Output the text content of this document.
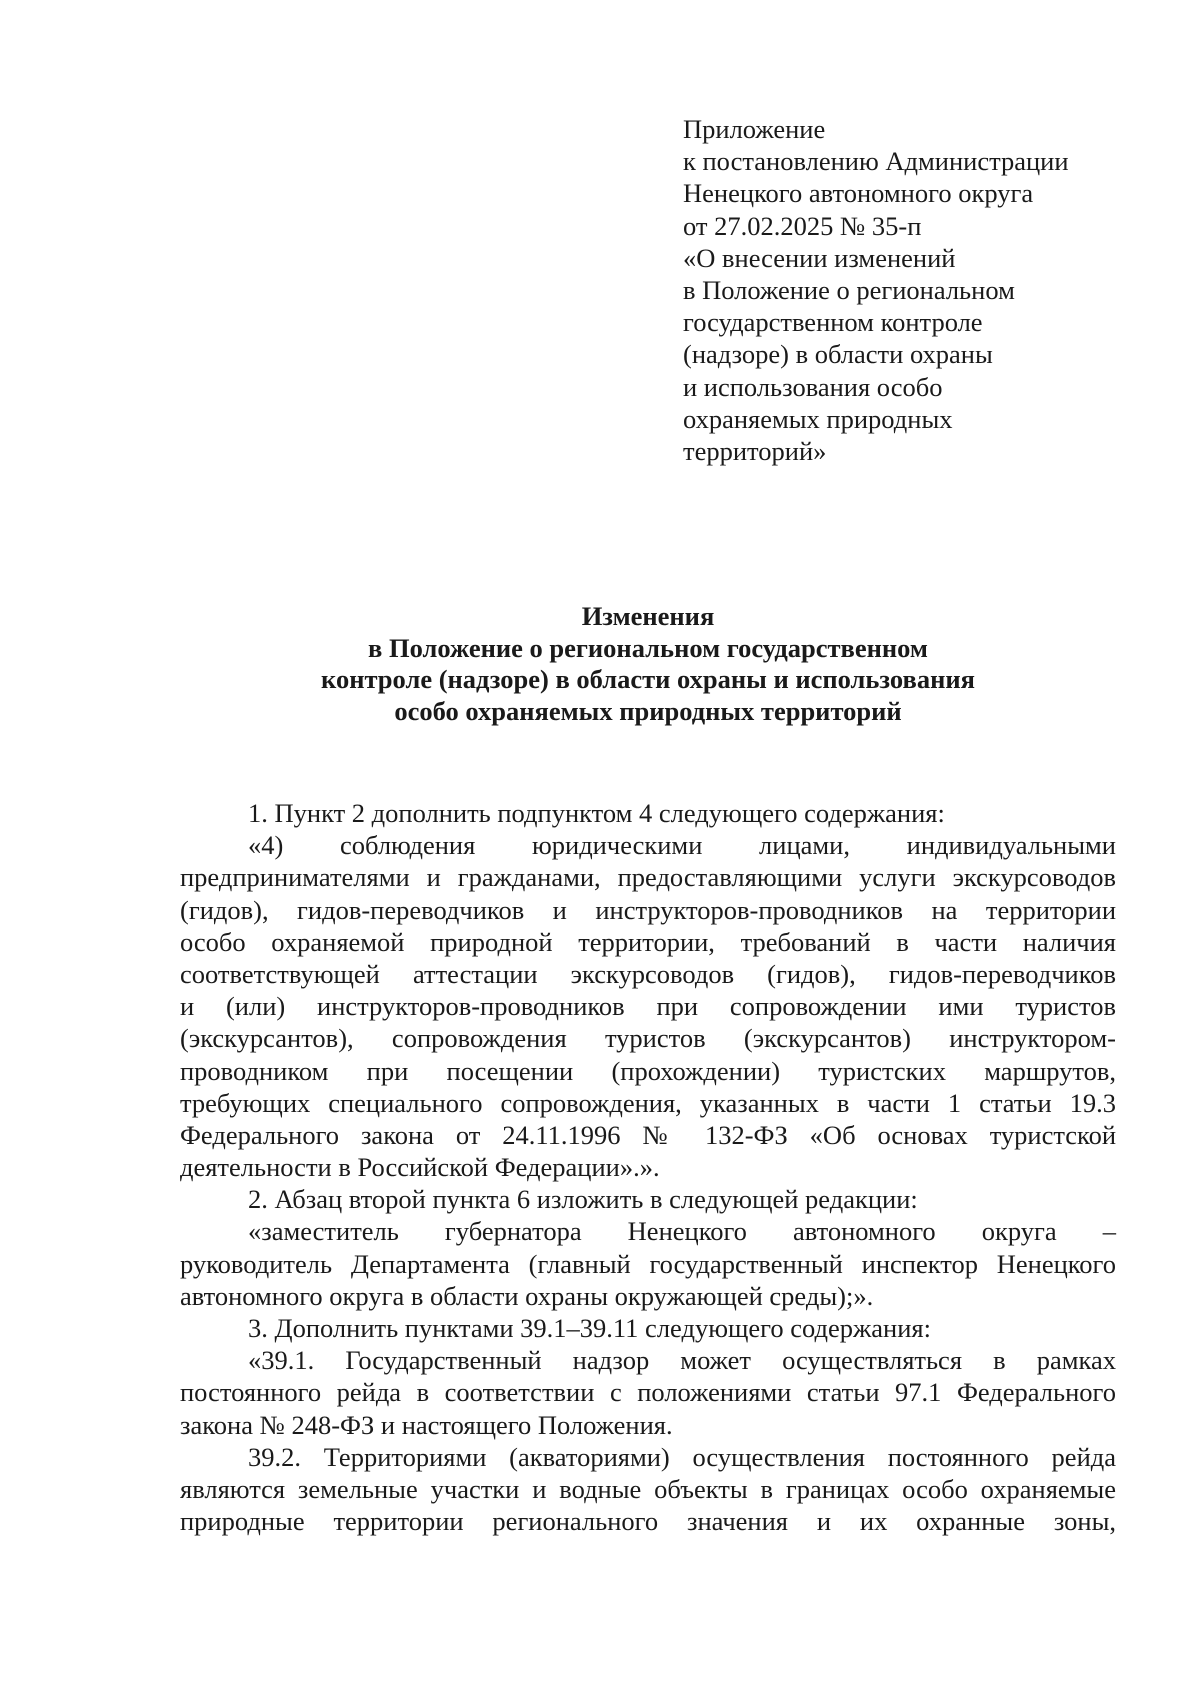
Приложение
к постановлению Администрации
Ненецкого автономного округа
от 27.02.2025 № 35-п
«О внесении изменений
в Положение о региональном
государственном контроле
(надзоре) в области охраны
и использования особо
охраняемых природных
территорий»
Изменения
в Положение о региональном государственном
контроле (надзоре) в области охраны и использования
особо охраняемых природных территорий
1. Пункт 2 дополнить подпунктом 4 следующего содержания:
«4) соблюдения юридическими лицами, индивидуальными
предпринимателями и гражданами, предоставляющими услуги экскурсоводов
(гидов), гидов-переводчиков и инструкторов-проводников на территории
особо охраняемой природной территории, требований в части наличия
соответствующей аттестации экскурсоводов (гидов), гидов-переводчиков
и (или) инструкторов-проводников при сопровождении ими туристов
(экскурсантов), сопровождения туристов (экскурсантов) инструктором-
проводником при посещении (прохождении) туристских маршрутов,
требующих специального сопровождения, указанных в части 1 статьи 19.3
Федерального закона от 24.11.1996 № 132-ФЗ «Об основах туристской
деятельности в Российской Федерации».».
2. Абзац второй пункта 6 изложить в следующей редакции:
«заместитель губернатора Ненецкого автономного округа –
руководитель Департамента (главный государственный инспектор Ненецкого
автономного округа в области охраны окружающей среды);».
3. Дополнить пунктами 39.1–39.11 следующего содержания:
«39.1. Государственный надзор может осуществляться в рамках
постоянного рейда в соответствии с положениями статьи 97.1 Федерального
закона № 248-ФЗ и настоящего Положения.
39.2. Территориями (акваториями) осуществления постоянного рейда
являются земельные участки и водные объекты в границах особо охраняемые
природные территории регионального значения и их охранные зоны,
